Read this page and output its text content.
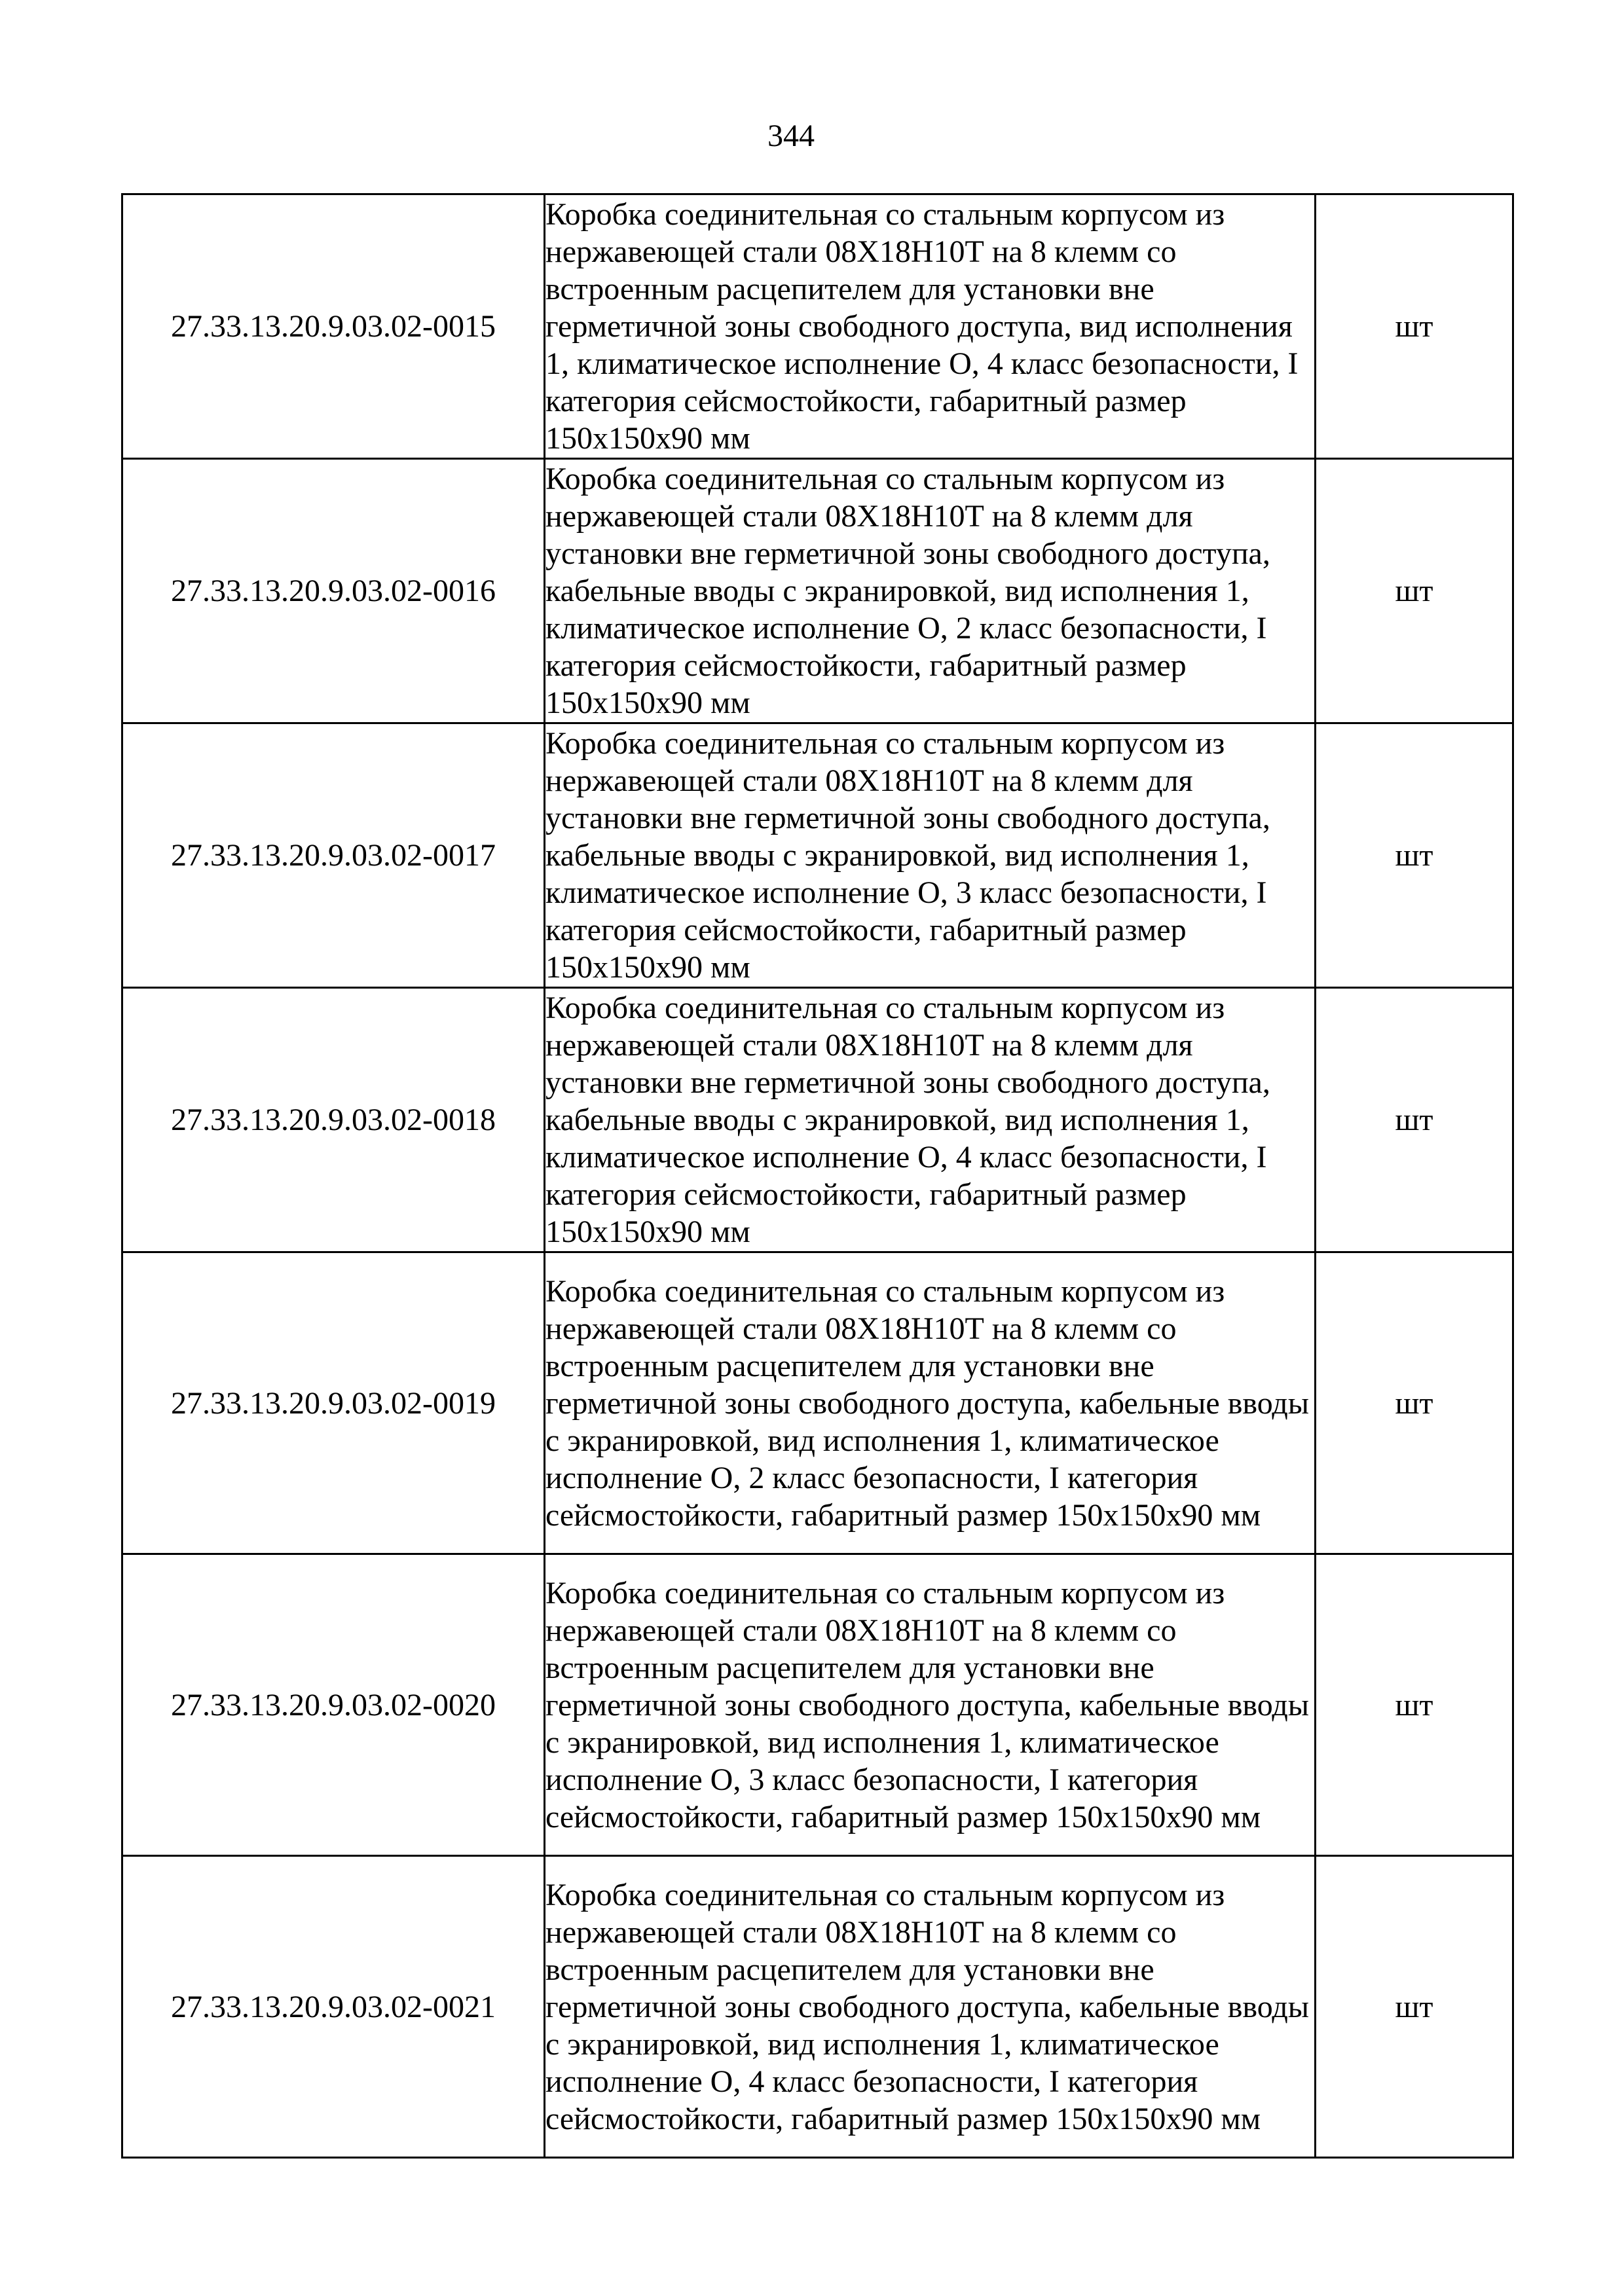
344
27.33.13.20.9.03.02-0015	Коробка соединительная со стальным корпусом из нержавеющей стали 08Х18Н10Т на 8 клемм со встроенным расцепителем для установки вне герметичной зоны свободного доступа, вид исполнения 1, климатическое исполнение О, 4 класс безопасности, I категория сейсмостойкости, габаритный размер 150х150х90 мм	шт
27.33.13.20.9.03.02-0016	Коробка соединительная со стальным корпусом из нержавеющей стали 08Х18Н10Т на 8 клемм для установки вне герметичной зоны свободного доступа, кабельные вводы с экранировкой, вид исполнения 1, климатическое исполнение О, 2 класс безопасности, I категория сейсмостойкости, габаритный размер 150х150х90 мм	шт
27.33.13.20.9.03.02-0017	Коробка соединительная со стальным корпусом из нержавеющей стали 08Х18Н10Т на 8 клемм для установки вне герметичной зоны свободного доступа, кабельные вводы с экранировкой, вид исполнения 1, климатическое исполнение О, 3 класс безопасности, I категория сейсмостойкости, габаритный размер 150х150х90 мм	шт
27.33.13.20.9.03.02-0018	Коробка соединительная со стальным корпусом из нержавеющей стали 08Х18Н10Т на 8 клемм для установки вне герметичной зоны свободного доступа, кабельные вводы с экранировкой, вид исполнения 1, климатическое исполнение О, 4 класс безопасности, I категория сейсмостойкости, габаритный размер 150х150х90 мм	шт
27.33.13.20.9.03.02-0019	Коробка соединительная со стальным корпусом из нержавеющей стали 08Х18Н10Т на 8 клемм со встроенным расцепителем для установки вне герметичной зоны свободного доступа, кабельные вводы с экранировкой, вид исполнения 1, климатическое исполнение О, 2 класс безопасности, I категория сейсмостойкости, габаритный размер 150х150х90 мм	шт
27.33.13.20.9.03.02-0020	Коробка соединительная со стальным корпусом из нержавеющей стали 08Х18Н10Т на 8 клемм со встроенным расцепителем для установки вне герметичной зоны свободного доступа, кабельные вводы с экранировкой, вид исполнения 1, климатическое исполнение О, 3 класс безопасности, I категория сейсмостойкости, габаритный размер 150х150х90 мм	шт
27.33.13.20.9.03.02-0021	Коробка соединительная со стальным корпусом из нержавеющей стали 08Х18Н10Т на 8 клемм со встроенным расцепителем для установки вне герметичной зоны свободного доступа, кабельные вводы с экранировкой, вид исполнения 1, климатическое исполнение О, 4 класс безопасности, I категория сейсмостойкости, габаритный размер 150х150х90 мм	шт
